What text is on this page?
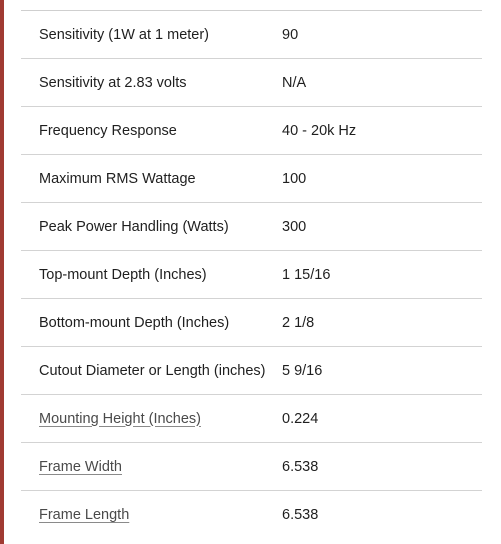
Sensitivity (1W at 1 meter)	90
Sensitivity at 2.83 volts	N/A
Frequency Response	40 - 20k Hz
Maximum RMS Wattage	100
Peak Power Handling (Watts)	300
Top-mount Depth (Inches)	1 15/16
Bottom-mount Depth (Inches)	2 1/8
Cutout Diameter or Length (inches)	5 9/16
Mounting Height (Inches)	0.224
Frame Width	6.538
Frame Length	6.538
